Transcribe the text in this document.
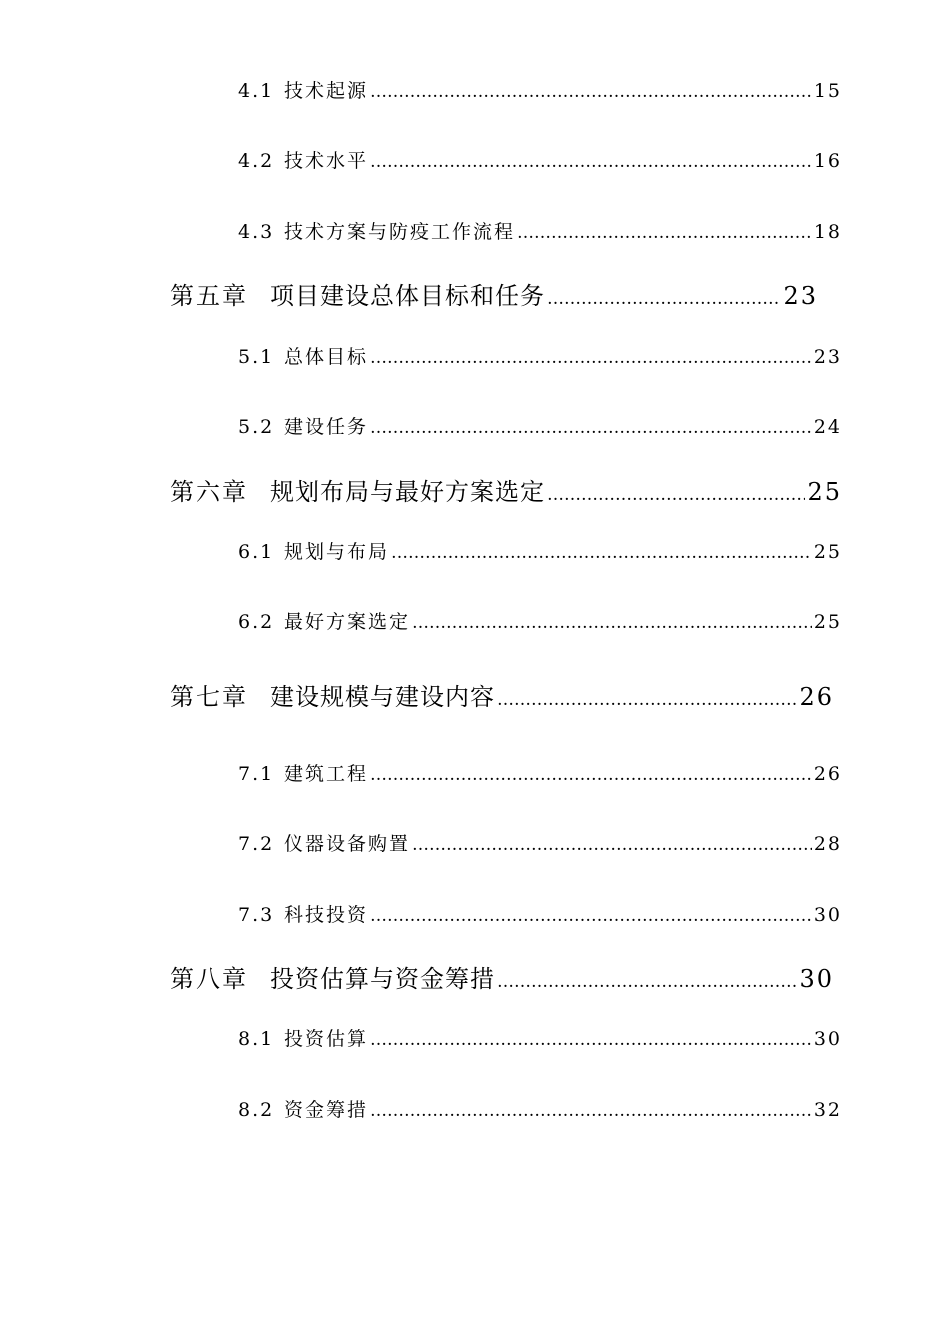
4.1 技术起源 ………………………………………………………………………………………………………………………………………………………………	15
4.2 技术水平 ………………………………………………………………………………………………………………………………………………………………	16
4.3 技术方案与防疫工作流程 ………………………………………………………………………………………………………………………………………………………………	18
第五章 项目建设总体目标和任务 ………………………………………………………………………………………………………………………………………………………………	23
5.1 总体目标 ………………………………………………………………………………………………………………………………………………………………	23
5.2 建设任务 ………………………………………………………………………………………………………………………………………………………………	24
第六章 规划布局与最好方案选定 ………………………………………………………………………………………………………………………………………………………………	25
6.1 规划与布局 ………………………………………………………………………………………………………………………………………………………………	25
6.2 最好方案选定 ………………………………………………………………………………………………………………………………………………………………	25
第七章 建设规模与建设内容 ………………………………………………………………………………………………………………………………………………………………	26
7.1 建筑工程 ………………………………………………………………………………………………………………………………………………………………	26
7.2 仪器设备购置 ………………………………………………………………………………………………………………………………………………………………	28
7.3 科技投资 ………………………………………………………………………………………………………………………………………………………………	30
第八章 投资估算与资金筹措 ………………………………………………………………………………………………………………………………………………………………	30
8.1 投资估算 ………………………………………………………………………………………………………………………………………………………………	30
8.2 资金筹措 ………………………………………………………………………………………………………………………………………………………………	32
